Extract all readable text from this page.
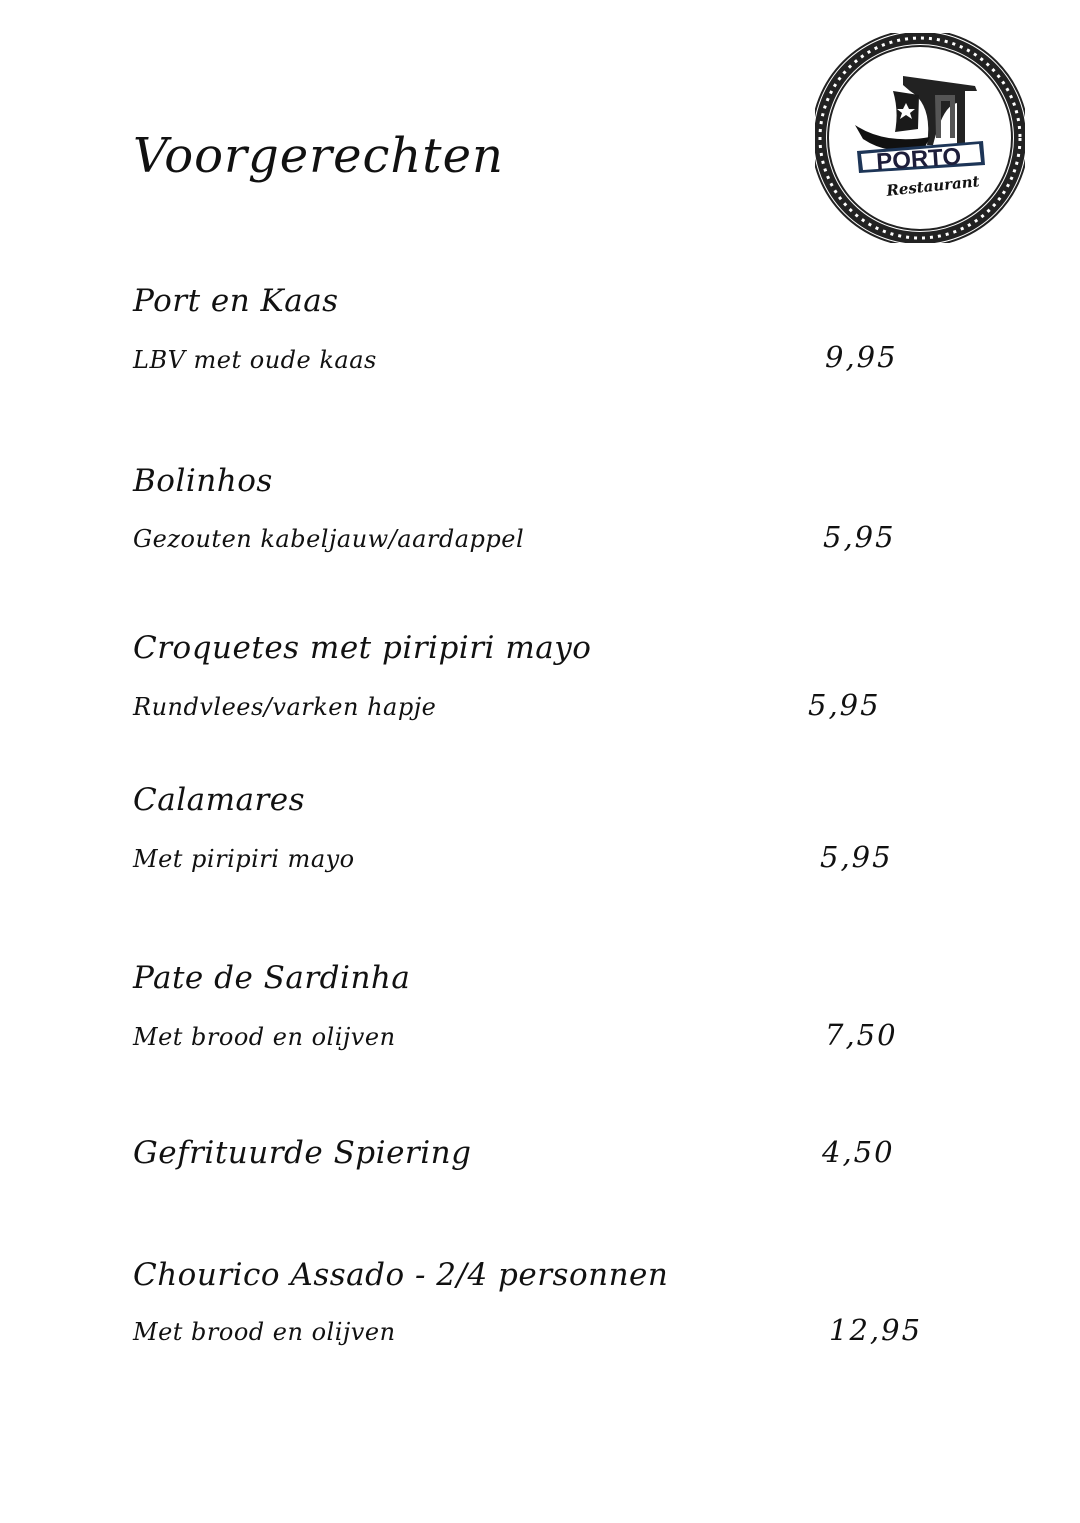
Voorgerechten	PORTO
Restaurant
Port en Kaas
LBV met oude kaas	9,95
Bolinhos
Gezouten kabeljauw/aardappel	5,95
Croquetes met piripiri mayo
Rundvlees/varken hapje	5,95
Calamares
Met piripiri mayo	5,95
Pate de Sardinha
Met brood en olijven	7,50
Gefrituurde Spiering	4,50
Chourico Assado - 2/4 personnen
Met brood en olijven	12,95
